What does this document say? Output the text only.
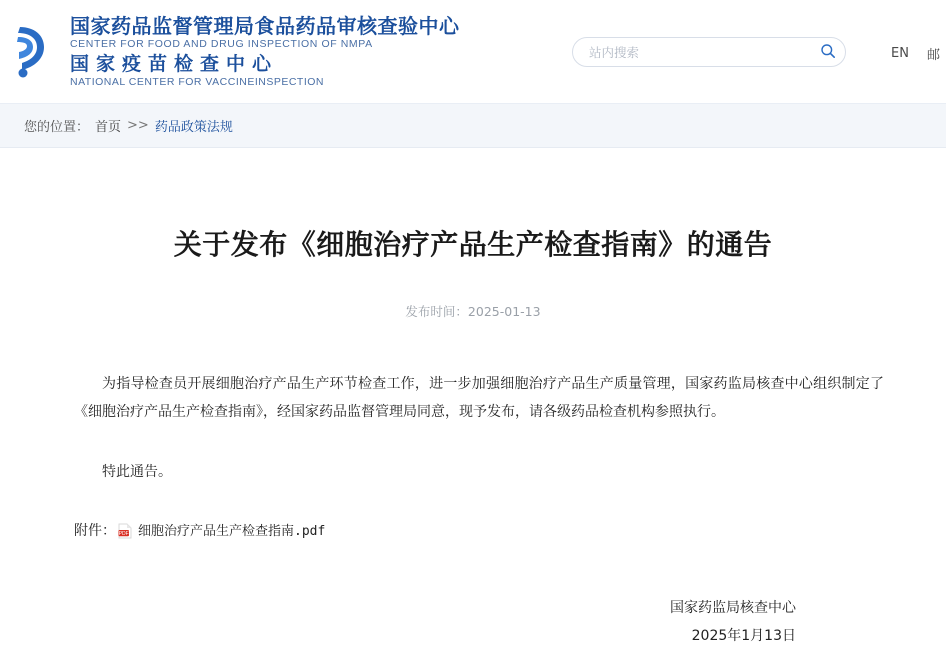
国家药品监督管理局食品药品审核查验中心
CENTER FOR FOOD AND DRUG INSPECTION OF NMPA
国家疫苗检查中心
NATIONAL CENTER FOR VACCINEINSPECTION
站内搜索
EN 邮
您的位置： 首页 >> 药品政策法规
关于发布《细胞治疗产品生产检查指南》的通告
发布时间：2025-01-13

为指导检查员开展细胞治疗产品生产环节检查工作，进一步加强细胞治疗产品生产质量管理，国家药监局核查中心组织制定了《细胞治疗产品生产检查指南》，经国家药品监督管理局同意，现予发布，请各级药品检查机构参照执行。

特此通告。

附件： PDF 细胞治疗产品生产检查指南.pdf
国家药监局核查中心
2025年1月13日
